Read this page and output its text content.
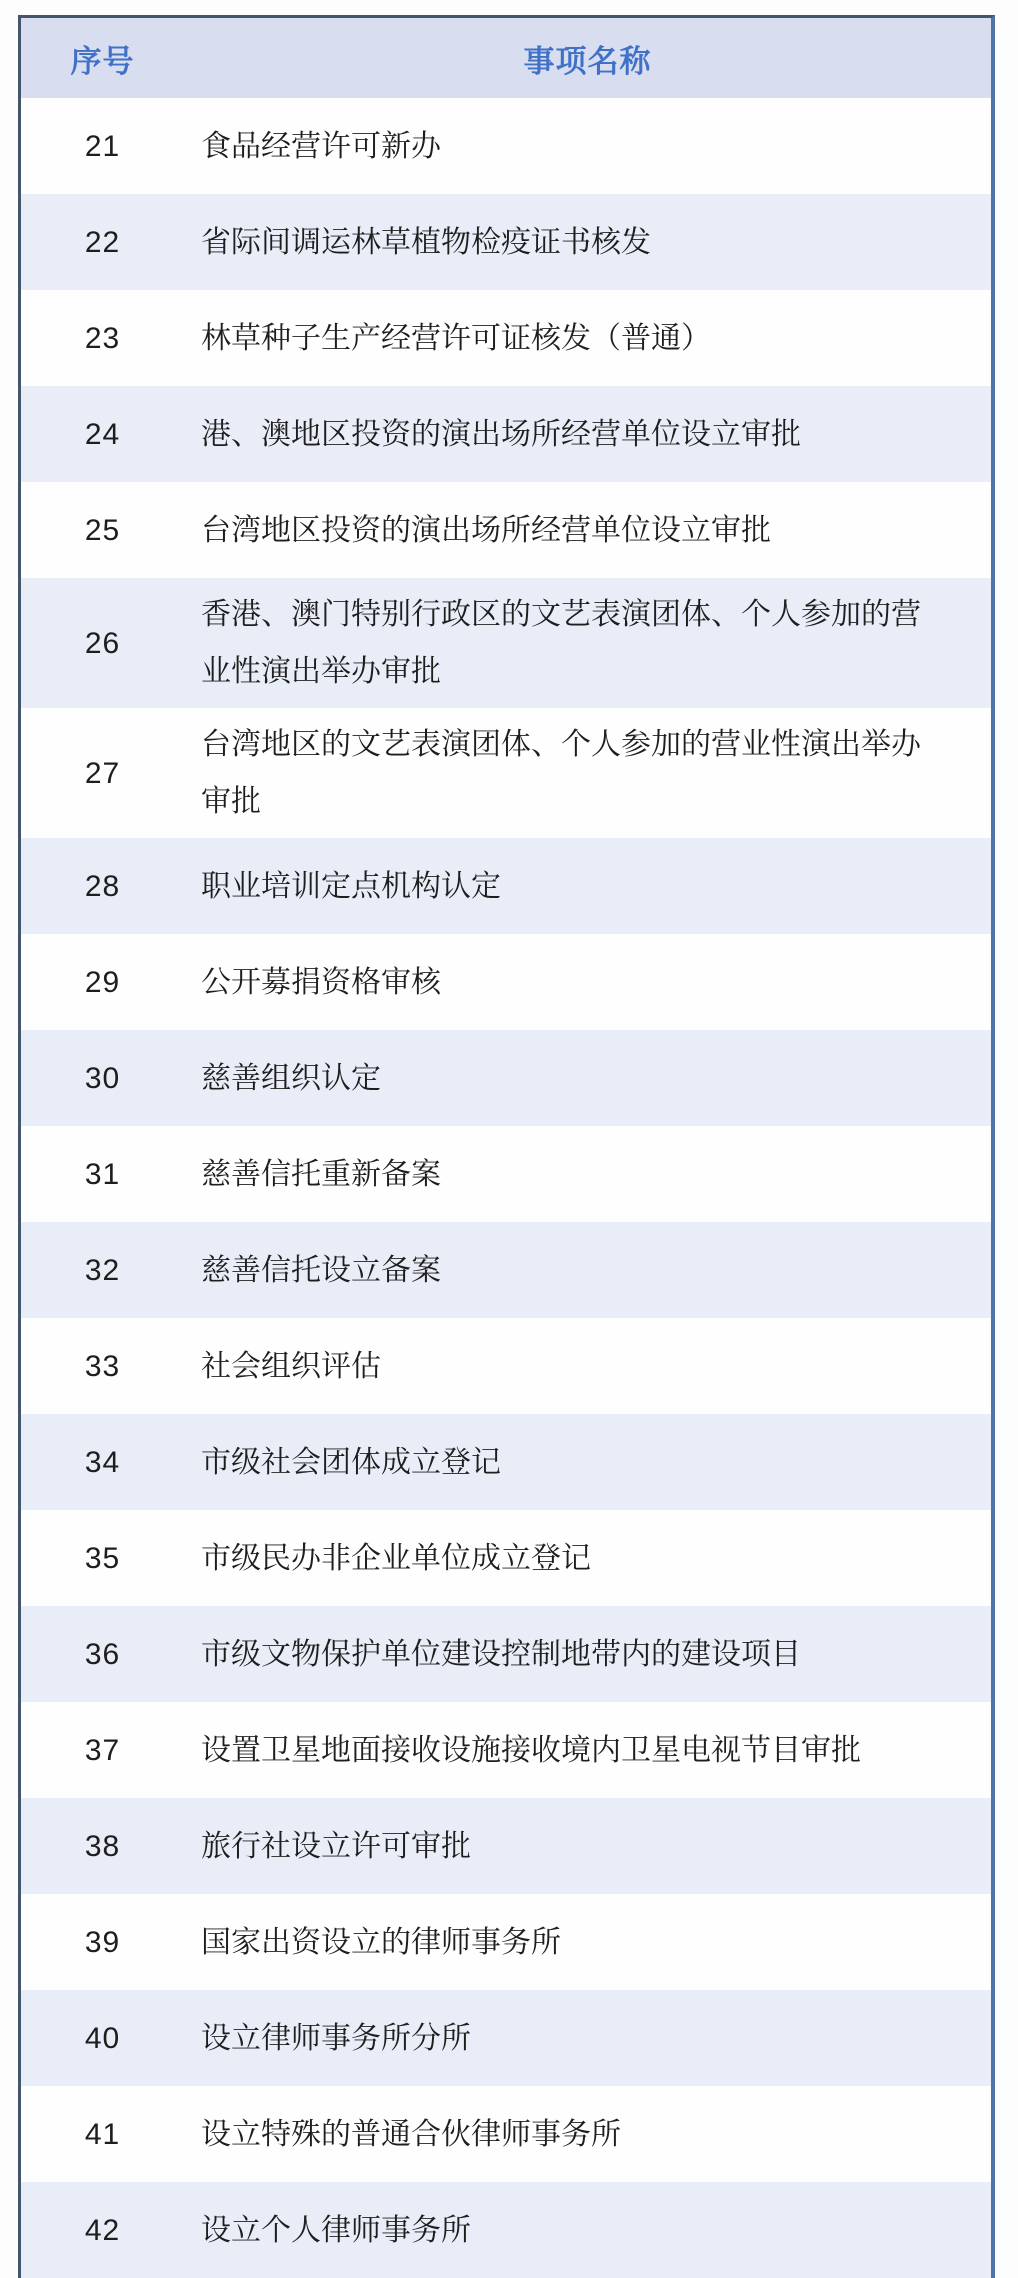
序号	事项名称
21	食品经营许可新办
22	省际间调运林草植物检疫证书核发
23	林草种子生产经营许可证核发（普通）
24	港、澳地区投资的演出场所经营单位设立审批
25	台湾地区投资的演出场所经营单位设立审批
26	香港、澳门特别行政区的文艺表演团体、个人参加的营业性演出举办审批
27	台湾地区的文艺表演团体、个人参加的营业性演出举办审批
28	职业培训定点机构认定
29	公开募捐资格审核
30	慈善组织认定
31	慈善信托重新备案
32	慈善信托设立备案
33	社会组织评估
34	市级社会团体成立登记
35	市级民办非企业单位成立登记
36	市级文物保护单位建设控制地带内的建设项目
37	设置卫星地面接收设施接收境内卫星电视节目审批
38	旅行社设立许可审批
39	国家出资设立的律师事务所
40	设立律师事务所分所
41	设立特殊的普通合伙律师事务所
42	设立个人律师事务所
